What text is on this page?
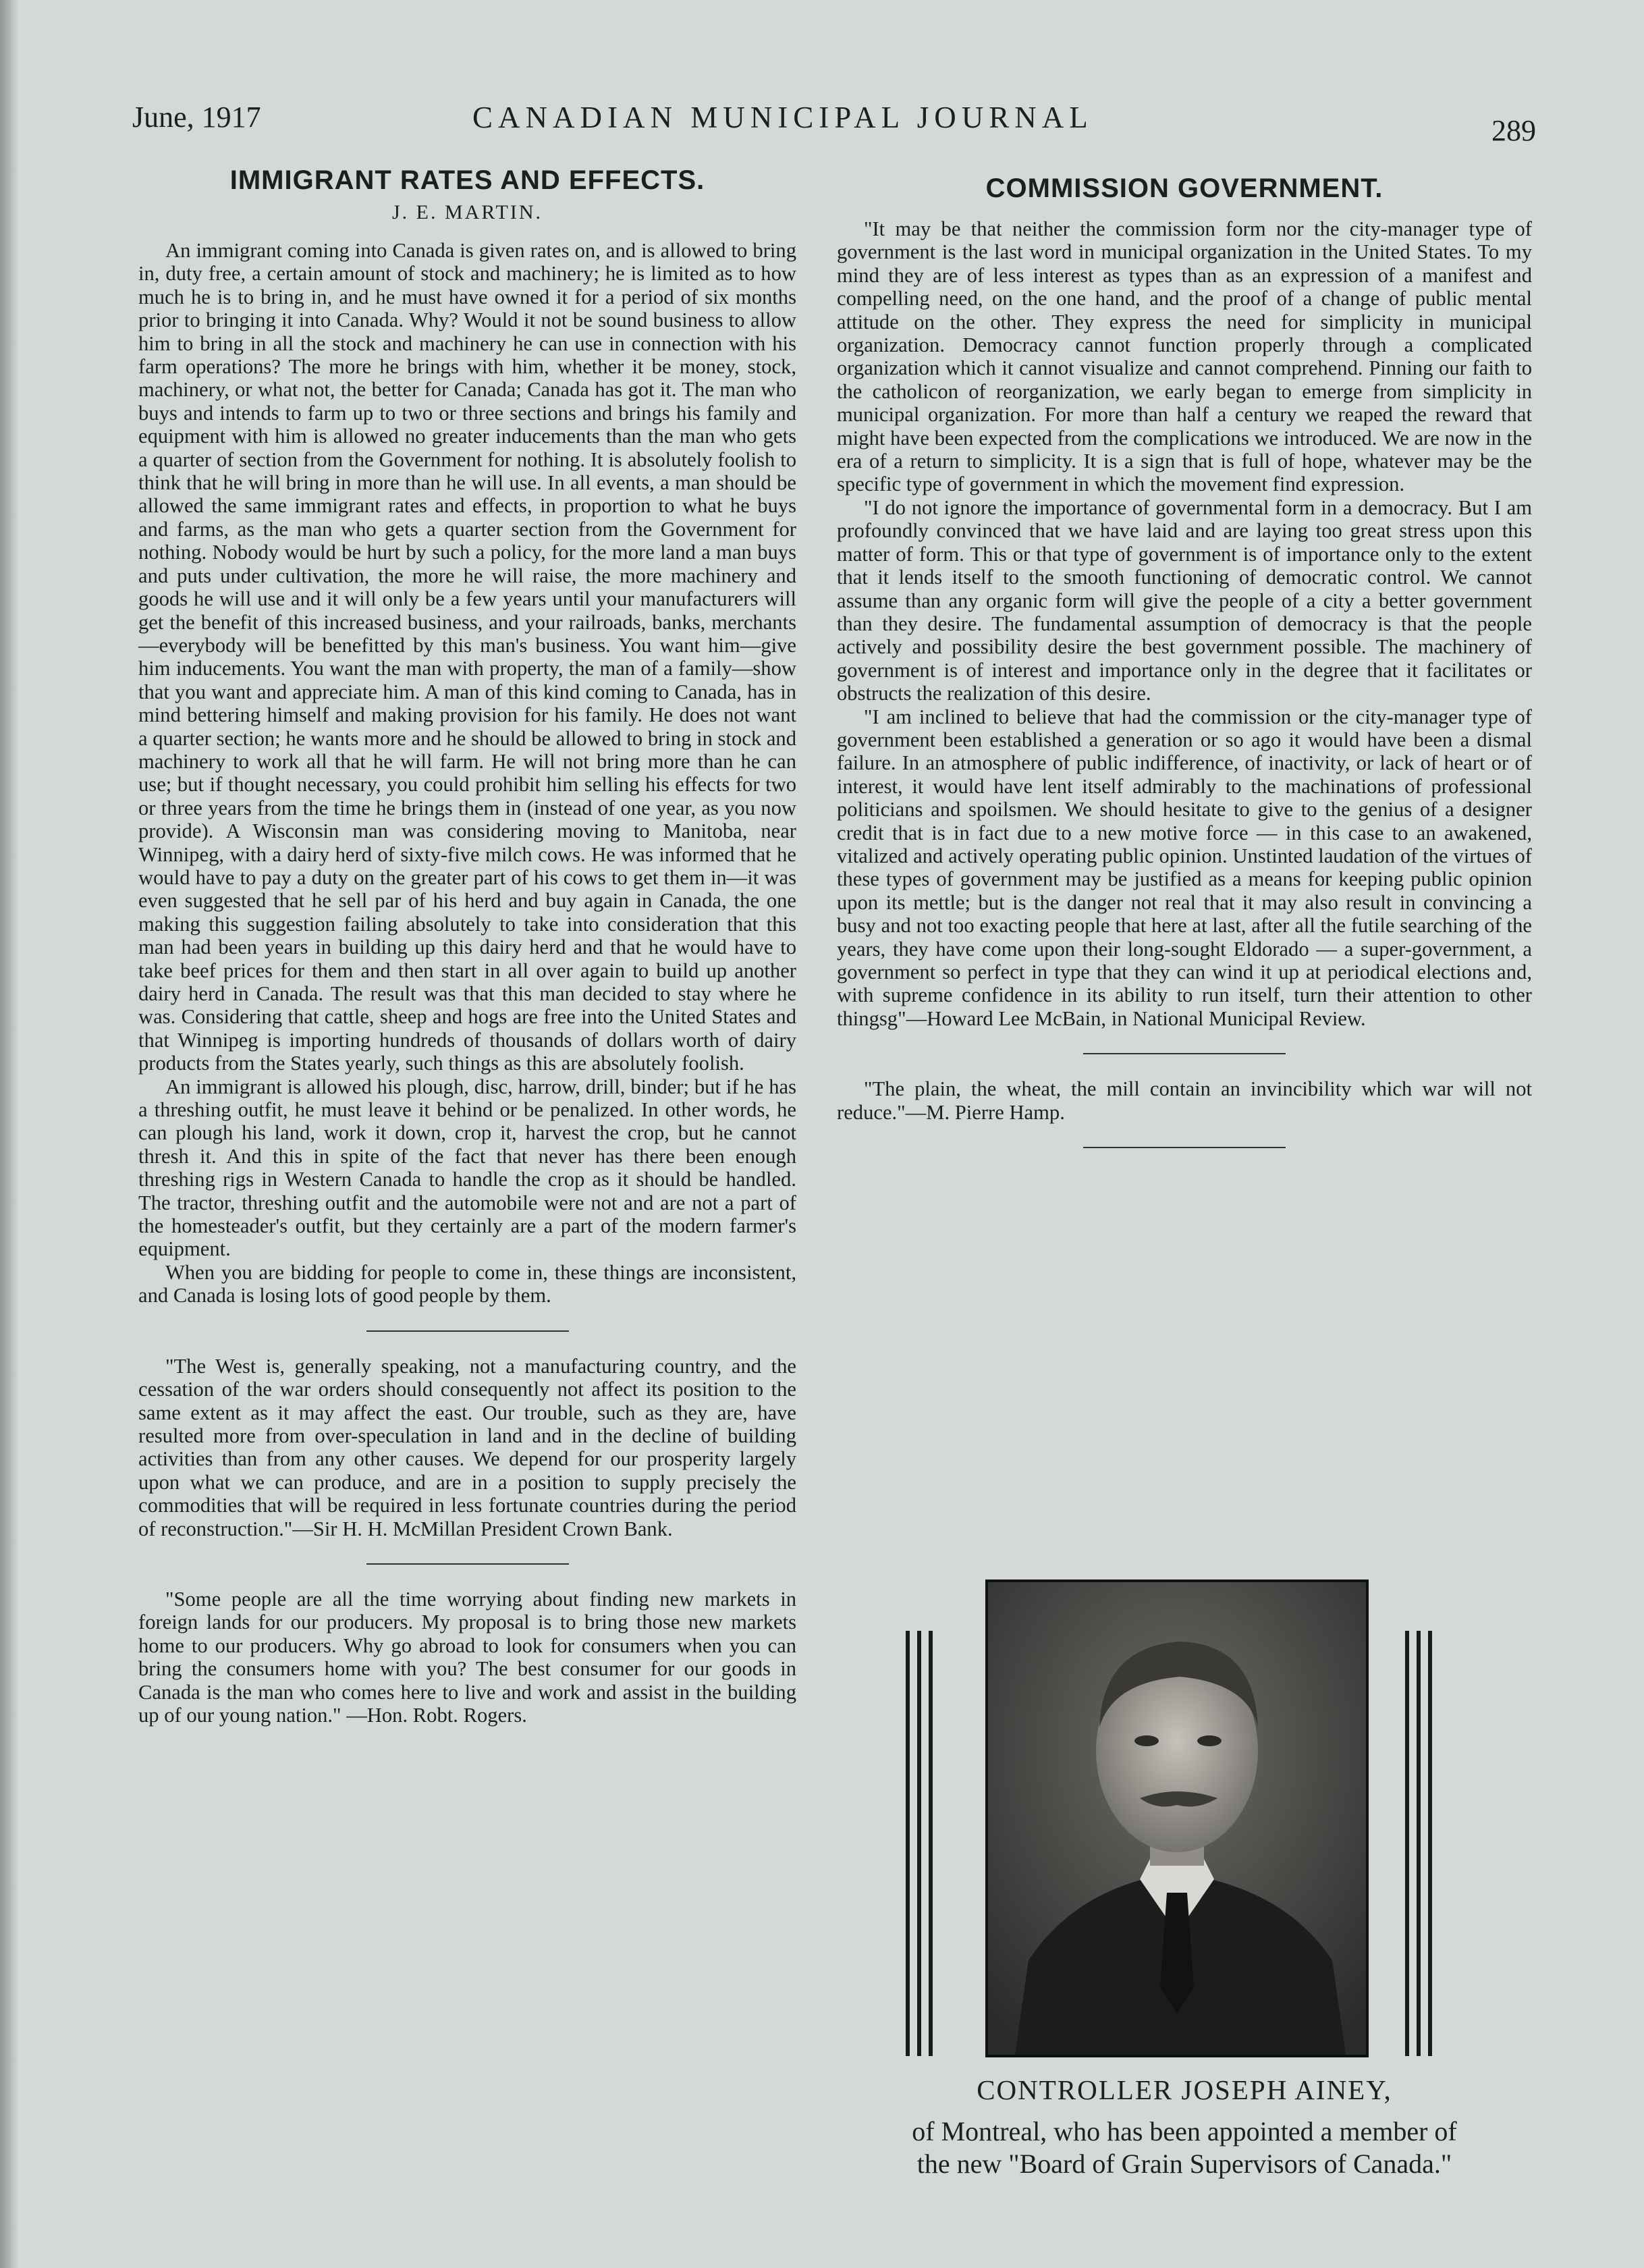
June, 1917	CANADIAN MUNICIPAL JOURNAL	289
IMMIGRANT RATES AND EFFECTS.
J. E. MARTIN.

An immigrant coming into Canada is given rates on, and is allowed to bring in, duty free, a certain amount of stock and machinery; he is limited as to how much he is to bring in, and he must have owned it for a period of six months prior to bringing it into Canada. Why? Would it not be sound business to allow him to bring in all the stock and machinery he can use in connection with his farm operations? The more he brings with him, whether it be money, stock, machinery, or what not, the better for Canada; Canada has got it. The man who buys and intends to farm up to two or three sections and brings his family and equipment with him is allowed no greater inducements than the man who gets a quarter of section from the Government for nothing. It is absolutely foolish to think that he will bring in more than he will use. In all events, a man should be allowed the same immigrant rates and effects, in proportion to what he buys and farms, as the man who gets a quarter section from the Government for nothing. Nobody would be hurt by such a policy, for the more land a man buys and puts under cultivation, the more he will raise, the more machinery and goods he will use and it will only be a few years until your manufacturers will get the benefit of this increased business, and your railroads, banks, merchants —everybody will be benefitted by this man's business. You want him—give him inducements. You want the man with property, the man of a family—show that you want and appreciate him. A man of this kind coming to Canada, has in mind bettering himself and making provision for his family. He does not want a quarter section; he wants more and he should be allowed to bring in stock and machinery to work all that he will farm. He will not bring more than he can use; but if thought necessary, you could prohibit him selling his effects for two or three years from the time he brings them in (instead of one year, as you now provide). A Wisconsin man was considering moving to Manitoba, near Winnipeg, with a dairy herd of sixty-five milch cows. He was informed that he would have to pay a duty on the greater part of his cows to get them in—it was even suggested that he sell par of his herd and buy again in Canada, the one making this suggestion failing absolutely to take into consideration that this man had been years in building up this dairy herd and that he would have to take beef prices for them and then start in all over again to build up another dairy herd in Canada. The result was that this man decided to stay where he was. Considering that cattle, sheep and hogs are free into the United States and that Winnipeg is importing hundreds of thousands of dollars worth of dairy products from the States yearly, such things as this are absolutely foolish.

An immigrant is allowed his plough, disc, harrow, drill, binder; but if he has a threshing outfit, he must leave it behind or be penalized. In other words, he can plough his land, work it down, crop it, harvest the crop, but he cannot thresh it. And this in spite of the fact that never has there been enough threshing rigs in Western Canada to handle the crop as it should be handled. The tractor, threshing outfit and the automobile were not and are not a part of the homesteader's outfit, but they certainly are a part of the modern farmer's equipment.

When you are bidding for people to come in, these things are inconsistent, and Canada is losing lots of good people by them.

"The West is, generally speaking, not a manufacturing country, and the cessation of the war orders should consequently not affect its position to the same extent as it may affect the east. Our trouble, such as they are, have resulted more from over-speculation in land and in the decline of building activities than from any other causes. We depend for our prosperity largely upon what we can produce, and are in a position to supply precisely the commodities that will be required in less fortunate countries during the period of reconstruction."—Sir H. H. McMillan President Crown Bank.

"Some people are all the time worrying about finding new markets in foreign lands for our producers. My proposal is to bring those new markets home to our producers. Why go abroad to look for consumers when you can bring the consumers home with you? The best consumer for our goods in Canada is the man who comes here to live and work and assist in the building up of our young nation." —Hon. Robt. Rogers.

COMMISSION GOVERNMENT.

"It may be that neither the commission form nor the city-manager type of government is the last word in municipal organization in the United States. To my mind they are of less interest as types than as an expression of a manifest and compelling need, on the one hand, and the proof of a change of public mental attitude on the other. They express the need for simplicity in municipal organization. Democracy cannot function properly through a complicated organization which it cannot visualize and cannot comprehend. Pinning our faith to the catholicon of reorganization, we early began to emerge from simplicity in municipal organization. For more than half a century we reaped the reward that might have been expected from the complications we introduced. We are now in the era of a return to simplicity. It is a sign that is full of hope, whatever may be the specific type of government in which the movement find expression.

"I do not ignore the importance of governmental form in a democracy. But I am profoundly convinced that we have laid and are laying too great stress upon this matter of form. This or that type of government is of importance only to the extent that it lends itself to the smooth functioning of democratic control. We cannot assume than any organic form will give the people of a city a better government than they desire. The fundamental assumption of democracy is that the people actively and possibility desire the best government possible. The machinery of government is of interest and importance only in the degree that it facilitates or obstructs the realization of this desire.

"I am inclined to believe that had the commission or the city-manager type of government been established a generation or so ago it would have been a dismal failure. In an atmosphere of public indifference, of inactivity, or lack of heart or of interest, it would have lent itself admirably to the machinations of professional politicians and spoilsmen. We should hesitate to give to the genius of a designer credit that is in fact due to a new motive force — in this case to an awakened, vitalized and actively operating public opinion. Unstinted laudation of the virtues of these types of government may be justified as a means for keeping public opinion upon its mettle; but is the danger not real that it may also result in convincing a busy and not too exacting people that here at last, after all the futile searching of the years, they have come upon their long-sought Eldorado — a super-government, a government so perfect in type that they can wind it up at periodical elections and, with supreme confidence in its ability to run itself, turn their attention to other thingsg"—Howard Lee McBain, in National Municipal Review.

"The plain, the wheat, the mill contain an invincibility which war will not reduce."—M. Pierre Hamp.

CONTROLLER JOSEPH AINEY,
of Montreal, who has been appointed a member of
the new "Board of Grain Supervisors of Canada."
